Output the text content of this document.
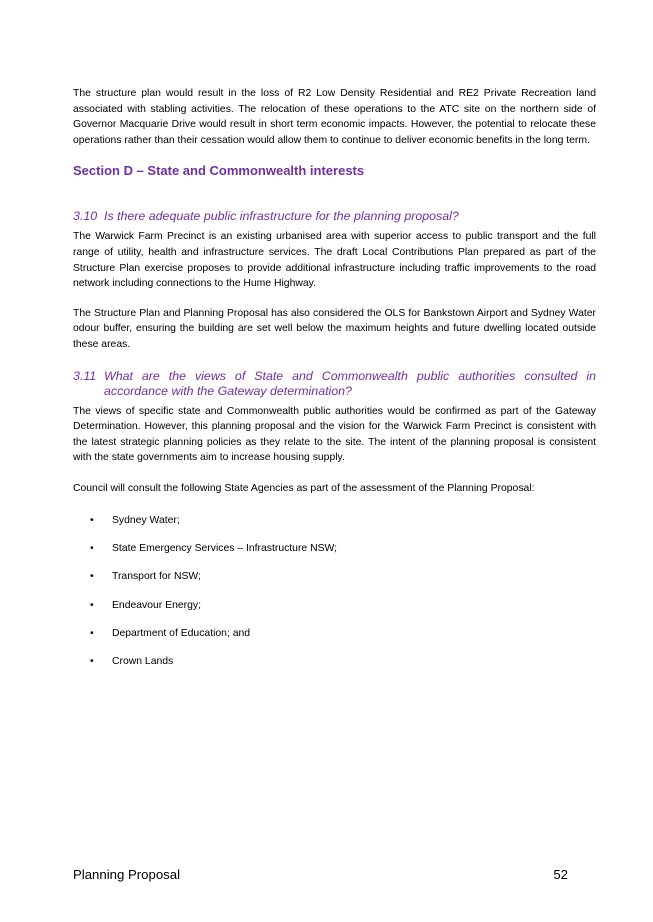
The structure plan would result in the loss of R2 Low Density Residential and RE2 Private Recreation land associated with stabling activities. The relocation of these operations to the ATC site on the northern side of Governor Macquarie Drive would result in short term economic impacts. However, the potential to relocate these operations rather than their cessation would allow them to continue to deliver economic benefits in the long term.

Section D – State and Commonwealth interests
3.10 Is there adequate public infrastructure for the planning proposal?

The Warwick Farm Precinct is an existing urbanised area with superior access to public transport and the full range of utility, health and infrastructure services. The draft Local Contributions Plan prepared as part of the Structure Plan exercise proposes to provide additional infrastructure including traffic improvements to the road network including connections to the Hume Highway.

The Structure Plan and Planning Proposal has also considered the OLS for Bankstown Airport and Sydney Water odour buffer, ensuring the building are set well below the maximum heights and future dwelling located outside these areas.

3.11 What are the views of State and Commonwealth public authorities consulted in accordance with the Gateway determination?

The views of specific state and Commonwealth public authorities would be confirmed as part of the Gateway Determination. However, this planning proposal and the vision for the Warwick Farm Precinct is consistent with the latest strategic planning policies as they relate to the site. The intent of the planning proposal is consistent with the state governments aim to increase housing supply.

Council will consult the following State Agencies as part of the assessment of the Planning Proposal:

• Sydney Water;
• State Emergency Services – Infrastructure NSW;
• Transport for NSW;
• Endeavour Energy;
• Department of Education; and
• Crown Lands
Planning Proposal	52
